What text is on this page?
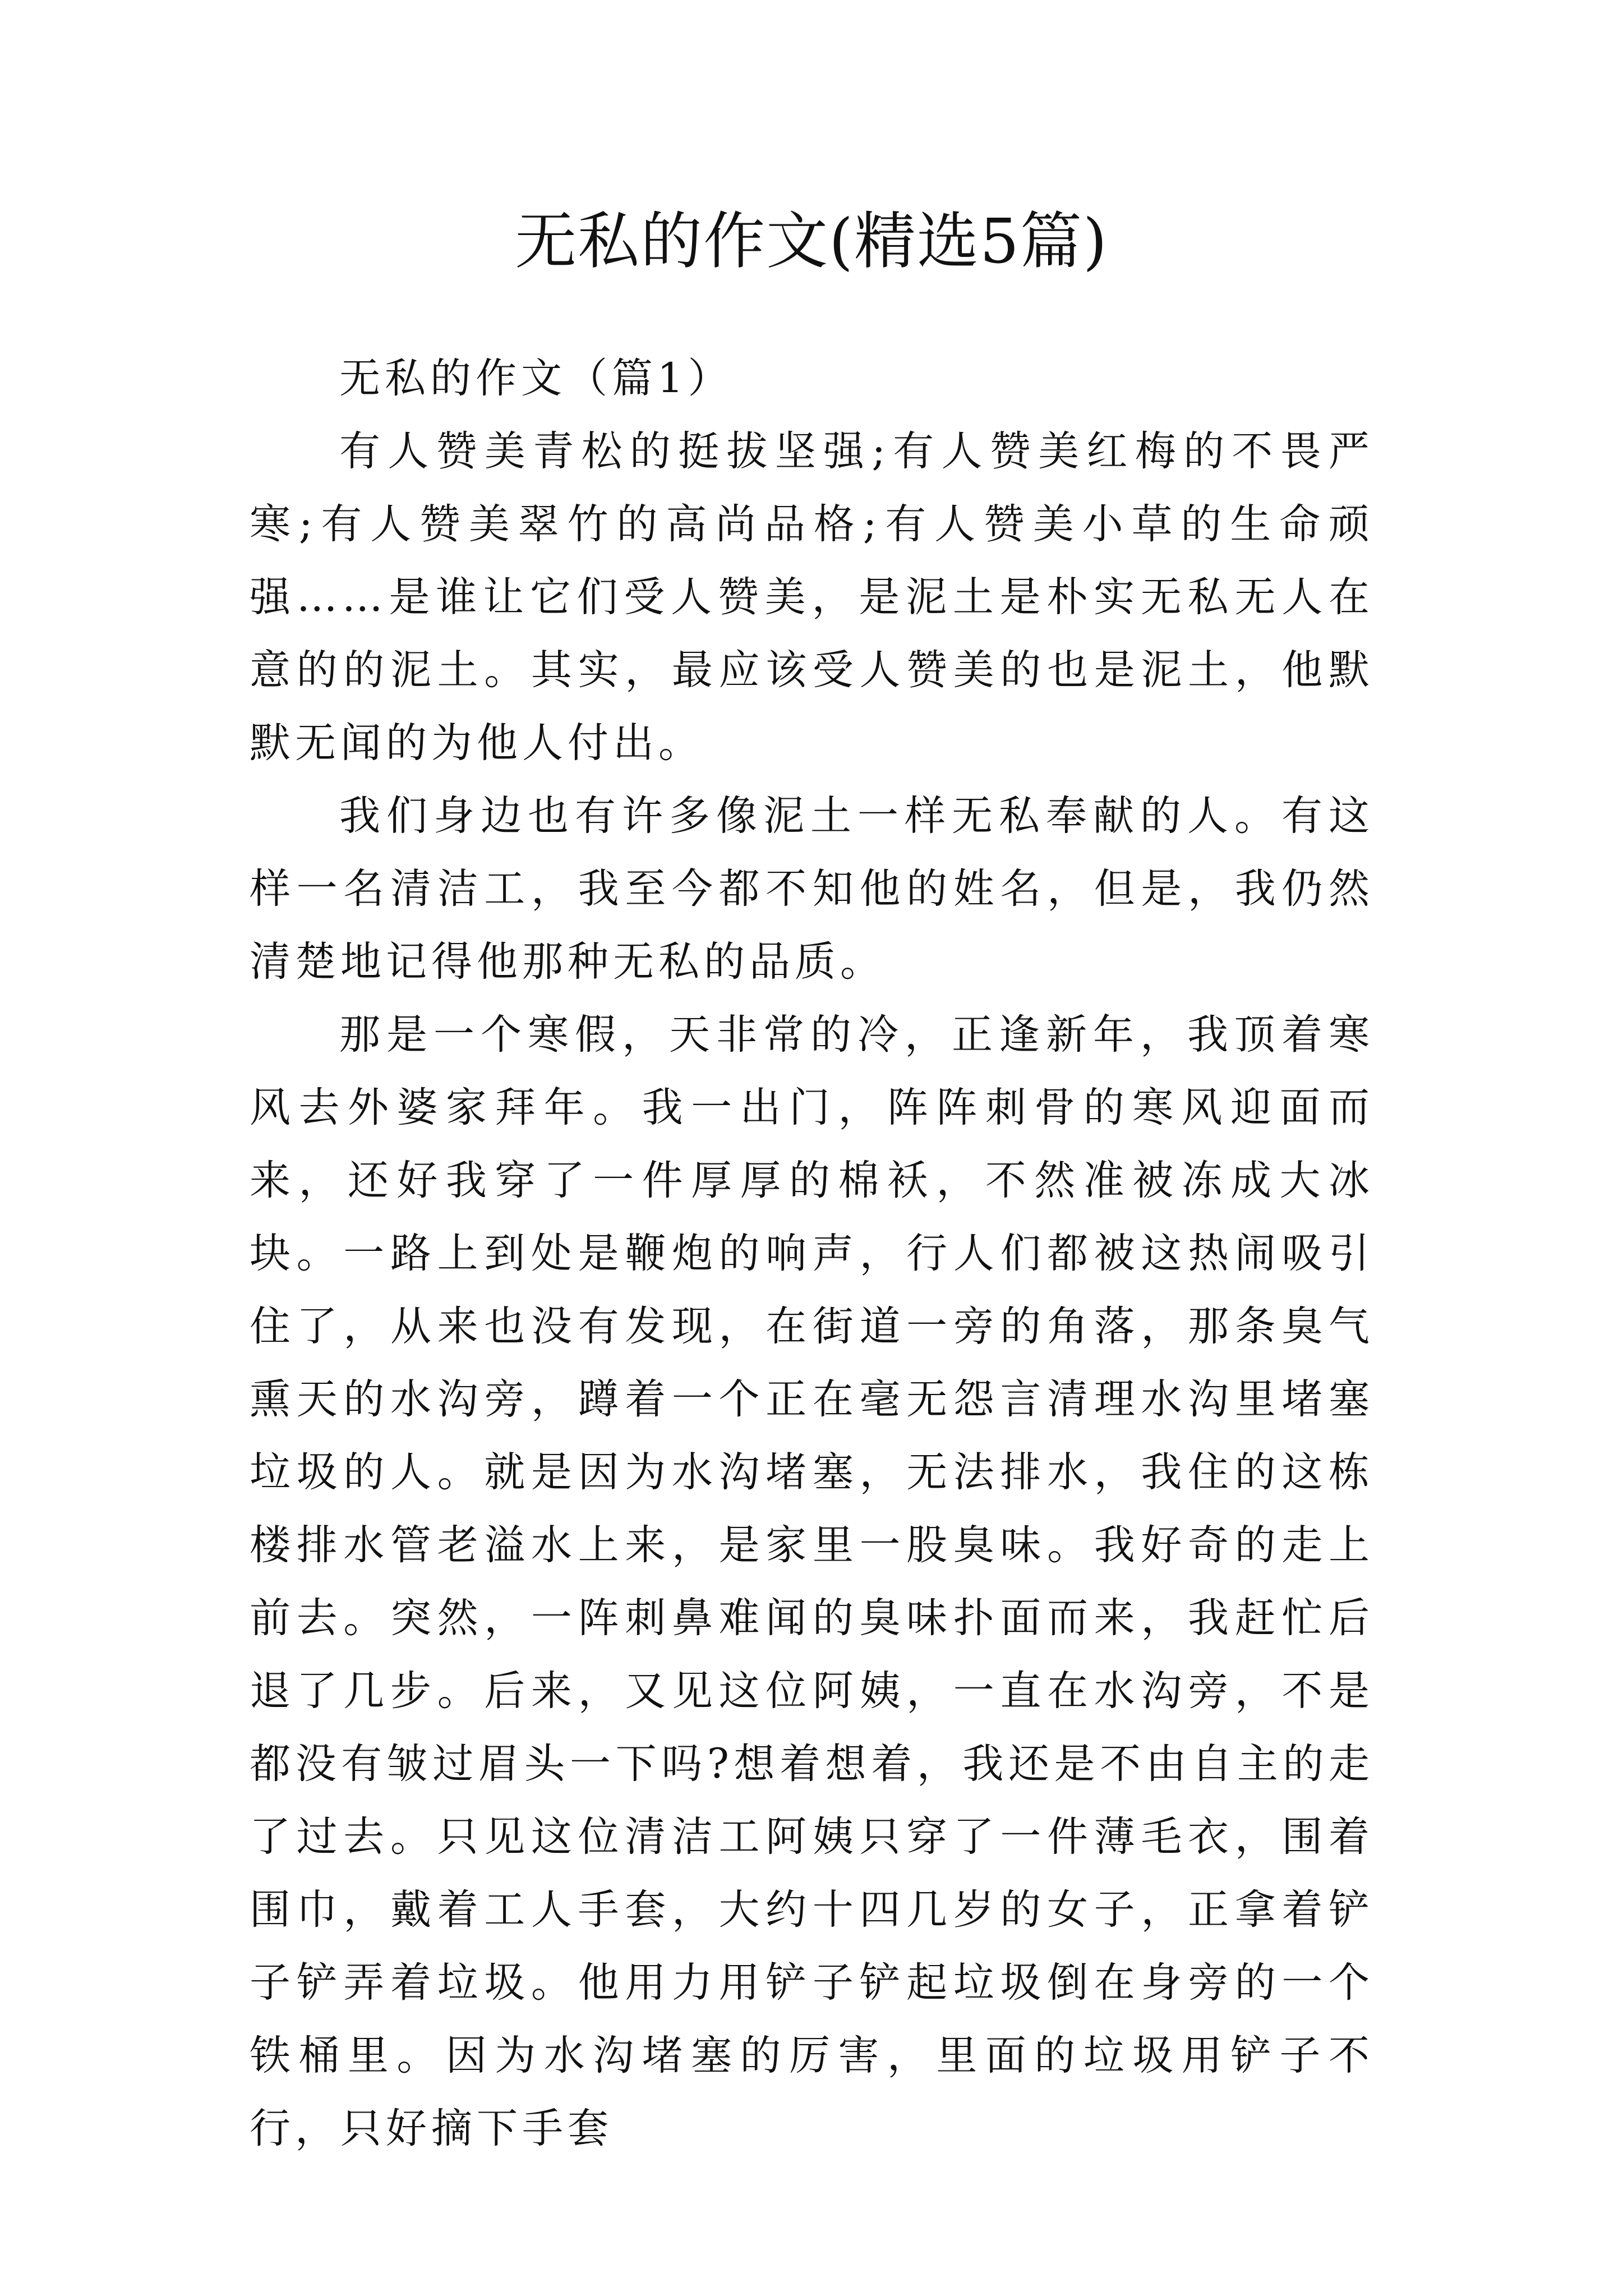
无私的作文(精选5篇)

无私的作文（篇1）

有人赞美青松的挺拔坚强;有人赞美红梅的不畏严寒;有人赞美翠竹的高尚品格;有人赞美小草的生命顽强……是谁让它们受人赞美，是泥土是朴实无私无人在意的的泥土。其实，最应该受人赞美的也是泥土，他默默无闻的为他人付出。

我们身边也有许多像泥土一样无私奉献的人。有这样一名清洁工，我至今都不知他的姓名，但是，我仍然清楚地记得他那种无私的品质。

那是一个寒假，天非常的冷，正逢新年，我顶着寒风去外婆家拜年。我一出门，阵阵刺骨的寒风迎面而来，还好我穿了一件厚厚的棉袄，不然准被冻成大冰块。一路上到处是鞭炮的响声，行人们都被这热闹吸引住了，从来也没有发现，在街道一旁的角落，那条臭气熏天的水沟旁，蹲着一个正在毫无怨言清理水沟里堵塞垃圾的人。就是因为水沟堵塞，无法排水，我住的这栋楼排水管老溢水上来，是家里一股臭味。我好奇的走上前去。突然，一阵刺鼻难闻的臭味扑面而来，我赶忙后退了几步。后来，又见这位阿姨，一直在水沟旁，不是都没有皱过眉头一下吗?想着想着，我还是不由自主的走了过去。只见这位清洁工阿姨只穿了一件薄毛衣，围着围巾，戴着工人手套，大约十四几岁的女子，正拿着铲子铲弄着垃圾。他用力用铲子铲起垃圾倒在身旁的一个铁桶里。因为水沟堵塞的厉害，里面的垃圾用铲子不行，只好摘下手套
